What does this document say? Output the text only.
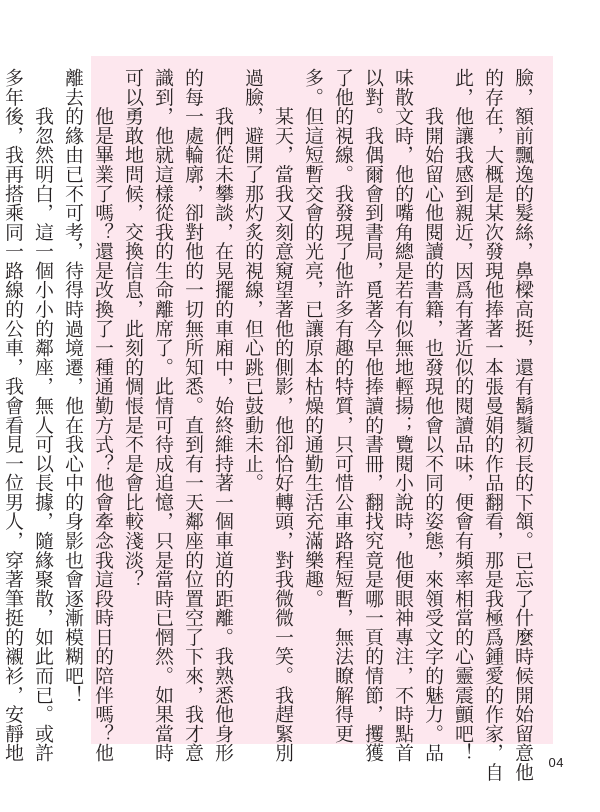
臉，額前飄逸的髮絲，鼻樑高挺，還有鬍鬚初長的下頷。已忘了什麼時候開始留意他
的存在，大概是某次發現他捧著一本張曼娟的作品翻看，那是我極爲鍾愛的作家，自
此，他讓我感到親近，因爲有著近似的閱讀品味，便會有頻率相當的心靈震顫吧！
　　我開始留心他閱讀的書籍，也發現他會以不同的姿態，來領受文字的魅力。品
味散文時，他的嘴角總是若有似無地輕揚；覽閱小說時，他便眼神專注，不時點首
以對。我偶爾會到書局，覓著今早他捧讀的書冊，翻找究竟是哪一頁的情節，攫獲
了他的視線。我發現了他許多有趣的特質，只可惜公車路程短暫，無法瞭解得更
多。但這短暫交會的光亮，已讓原本枯燥的通勤生活充滿樂趣。
　　某天，當我又刻意窺望著他的側影，他卻恰好轉頭，對我微微一笑。我趕緊別
過臉，避開了那灼炙的視線，但心跳已鼓動未止。
　　我們從未攀談，在晃擺的車廂中，始終維持著一個車道的距離。我熟悉他身形
的每一處輪廓，卻對他的一切無所知悉。直到有一天鄰座的位置空了下來，我才意
識到，他就這樣從我的生命離席了。此情可待成追憶，只是當時已惘然。如果當時
可以勇敢地問候，交換信息，此刻的惆悵是不是會比較淺淡？
　　他是畢業了嗎？還是改換了一種通勤方式？他會牽念我這段時日的陪伴嗎？他
離去的緣由已不可考，待得時過境遷，他在我心中的身影也會逐漸模糊吧！
　　我忽然明白，這一個小小的鄰座，無人可以長據，隨緣聚散，如此而已。或許
多年後，我再搭乘同一路線的公車，我會看見一位男人，穿著筆挺的襯衫，安靜地
04
